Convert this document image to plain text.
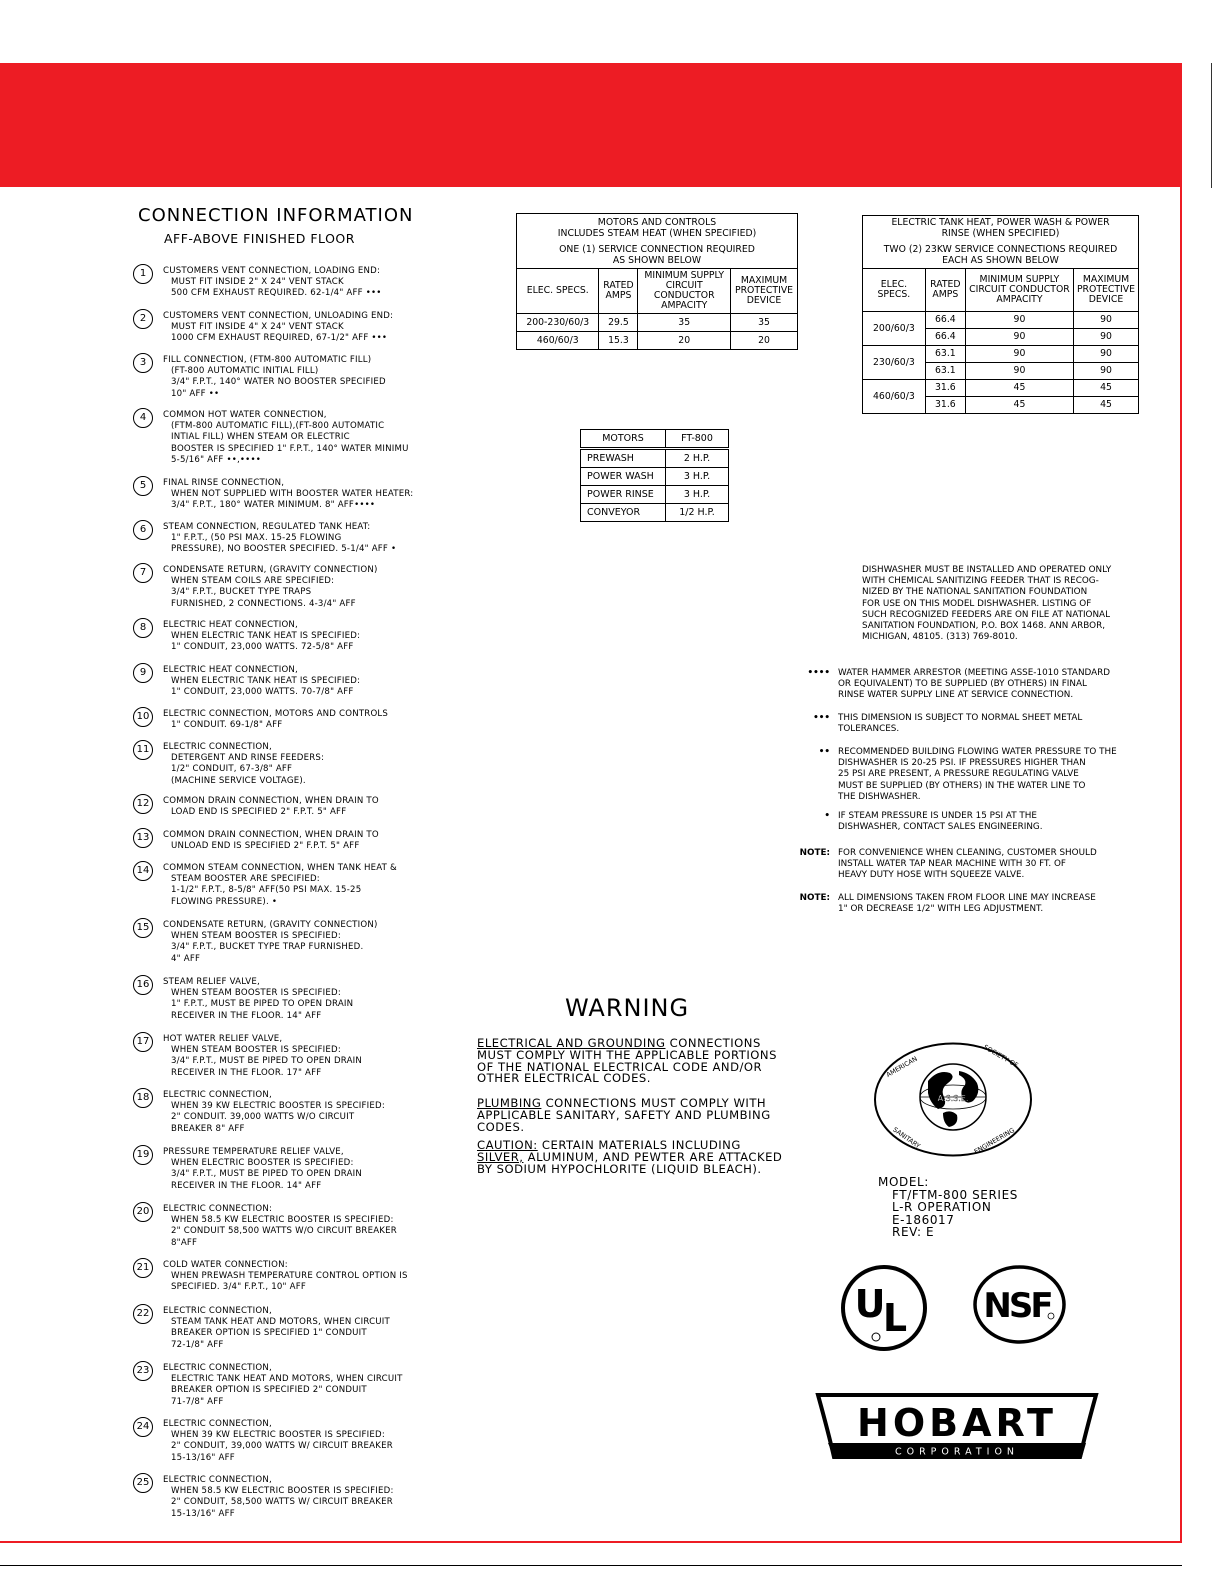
CONNECTION INFORMATION
AFF-ABOVE FINISHED FLOOR
1	CUSTOMERS VENT CONNECTION, LOADING END:
MUST FIT INSIDE 2" X 24" VENT STACK
500 CFM EXHAUST REQUIRED. 62-1/4" AFF •••
2	CUSTOMERS VENT CONNECTION, UNLOADING END:
MUST FIT INSIDE 4" X 24" VENT STACK
1000 CFM EXHAUST REQUIRED, 67-1/2" AFF •••
3	FILL CONNECTION, (FTM-800 AUTOMATIC FILL)
(FT-800 AUTOMATIC INITIAL FILL)
3/4" F.P.T., 140° WATER NO BOOSTER SPECIFIED
10" AFF ••
4	COMMON HOT WATER CONNECTION,
(FTM-800 AUTOMATIC FILL),(FT-800 AUTOMATIC
INTIAL FILL) WHEN STEAM OR ELECTRIC
BOOSTER IS SPECIFIED 1" F.P.T., 140° WATER MINIMU
5-5/16" AFF ••,••••
5	FINAL RINSE CONNECTION,
WHEN NOT SUPPLIED WITH BOOSTER WATER HEATER:
3/4" F.P.T., 180° WATER MINIMUM. 8" AFF••••
6	STEAM CONNECTION, REGULATED TANK HEAT:
1" F.P.T., (50 PSI MAX. 15-25 FLOWING
PRESSURE), NO BOOSTER SPECIFIED. 5-1/4" AFF •
7	CONDENSATE RETURN, (GRAVITY CONNECTION)
WHEN STEAM COILS ARE SPECIFIED:
3/4" F.P.T., BUCKET TYPE TRAPS
FURNISHED, 2 CONNECTIONS. 4-3/4" AFF
8	ELECTRIC HEAT CONNECTION,
WHEN ELECTRIC TANK HEAT IS SPECIFIED:
1" CONDUIT, 23,000 WATTS. 72-5/8" AFF
9	ELECTRIC HEAT CONNECTION,
WHEN ELECTRIC TANK HEAT IS SPECIFIED:
1" CONDUIT, 23,000 WATTS. 70-7/8" AFF
10	ELECTRIC CONNECTION, MOTORS AND CONTROLS
1" CONDUIT. 69-1/8" AFF
11	ELECTRIC CONNECTION,
DETERGENT AND RINSE FEEDERS:
1/2" CONDUIT, 67-3/8" AFF
(MACHINE SERVICE VOLTAGE).
12	COMMON DRAIN CONNECTION, WHEN DRAIN TO
LOAD END IS SPECIFIED 2" F.P.T. 5" AFF
13	COMMON DRAIN CONNECTION, WHEN DRAIN TO
UNLOAD END IS SPECIFIED 2" F.P.T. 5" AFF
14	COMMON STEAM CONNECTION, WHEN TANK HEAT &
STEAM BOOSTER ARE SPECIFIED:
1-1/2" F.P.T., 8-5/8" AFF(50 PSI MAX. 15-25
FLOWING PRESSURE). •
15	CONDENSATE RETURN, (GRAVITY CONNECTION)
WHEN STEAM BOOSTER IS SPECIFIED:
3/4" F.P.T., BUCKET TYPE TRAP FURNISHED.
4" AFF
16	STEAM RELIEF VALVE,
WHEN STEAM BOOSTER IS SPECIFIED:
1" F.P.T., MUST BE PIPED TO OPEN DRAIN
RECEIVER IN THE FLOOR. 14" AFF
17	HOT WATER RELIEF VALVE,
WHEN STEAM BOOSTER IS SPECIFIED:
3/4" F.P.T., MUST BE PIPED TO OPEN DRAIN
RECEIVER IN THE FLOOR. 17" AFF
18	ELECTRIC CONNECTION,
WHEN 39 KW ELECTRIC BOOSTER IS SPECIFIED:
2" CONDUIT. 39,000 WATTS W/O CIRCUIT
BREAKER 8" AFF
19	PRESSURE TEMPERATURE RELIEF VALVE,
WHEN ELECTRIC BOOSTER IS SPECIFIED:
3/4" F.P.T., MUST BE PIPED TO OPEN DRAIN
RECEIVER IN THE FLOOR. 14" AFF
20	ELECTRIC CONNECTION:
WHEN 58.5 KW ELECTRIC BOOSTER IS SPECIFIED:
2" CONDUIT 58,500 WATTS W/O CIRCUIT BREAKER
8"AFF
21	COLD WATER CONNECTION:
WHEN PREWASH TEMPERATURE CONTROL OPTION IS
SPECIFIED. 3/4" F.P.T., 10" AFF
22	ELECTRIC CONNECTION,
STEAM TANK HEAT AND MOTORS, WHEN CIRCUIT
BREAKER OPTION IS SPECIFIED 1" CONDUIT
72-1/8" AFF
23	ELECTRIC CONNECTION,
ELECTRIC TANK HEAT AND MOTORS, WHEN CIRCUIT
BREAKER OPTION IS SPECIFIED 2" CONDUIT
71-7/8" AFF
24	ELECTRIC CONNECTION,
WHEN 39 KW ELECTRIC BOOSTER IS SPECIFIED:
2" CONDUIT, 39,000 WATTS W/ CIRCUIT BREAKER
15-13/16" AFF
25	ELECTRIC CONNECTION,
WHEN 58.5 KW ELECTRIC BOOSTER IS SPECIFIED:
2" CONDUIT, 58,500 WATTS W/ CIRCUIT BREAKER
15-13/16" AFF
MOTORS AND CONTROLS
INCLUDES STEAM HEAT (WHEN SPECIFIED)
ONE (1) SERVICE CONNECTION REQUIRED
AS SHOWN BELOW			

ELEC. SPECS.	RATED AMPS	MINIMUM SUPPLY CIRCUIT CONDUCTOR AMPACITY	MAXIMUM PROTECTIVE DEVICE
200-230/60/3	29.5	35	35
460/60/3	15.3	20	20
ELECTRIC TANK HEAT, POWER WASH & POWER
RINSE (WHEN SPECIFIED)
TWO (2) 23KW SERVICE CONNECTIONS REQUIRED
EACH AS SHOWN BELOW			

ELEC. SPECS.	RATED AMPS	MINIMUM SUPPLY CIRCUIT CONDUCTOR AMPACITY	MAXIMUM PROTECTIVE DEVICE
200/60/3	66.4	90	90
	66.4	90	90
230/60/3	63.1	90	90
	63.1	90	90
460/60/3	31.6	45	45
	31.6	45	45
MOTORS	FT-800
PREWASH	2 H.P.
POWER WASH	3 H.P.
POWER RINSE	3 H.P.
CONVEYOR	1/2 H.P.
DISHWASHER MUST BE INSTALLED AND OPERATED ONLY
WITH CHEMICAL SANITIZING FEEDER THAT IS RECOG-
NIZED BY THE NATIONAL SANITATION FOUNDATION
FOR USE ON THIS MODEL DISHWASHER. LISTING OF
SUCH RECOGNIZED FEEDERS ARE ON FILE AT NATIONAL
SANITATION FOUNDATION, P.O. BOX 1468. ANN ARBOR,
MICHIGAN, 48105. (313) 769-8010.
•••• WATER HAMMER ARRESTOR (MEETING ASSE-1010 STANDARD
OR EQUIVALENT) TO BE SUPPLIED (BY OTHERS) IN FINAL
RINSE WATER SUPPLY LINE AT SERVICE CONNECTION.
••• THIS DIMENSION IS SUBJECT TO NORMAL SHEET METAL
TOLERANCES.
•• RECOMMENDED BUILDING FLOWING WATER PRESSURE TO THE
DISHWASHER IS 20-25 PSI. IF PRESSURES HIGHER THAN
25 PSI ARE PRESENT, A PRESSURE REGULATING VALVE
MUST BE SUPPLIED (BY OTHERS) IN THE WATER LINE TO
THE DISHWASHER.
• IF STEAM PRESSURE IS UNDER 15 PSI AT THE
DISHWASHER, CONTACT SALES ENGINEERING.
NOTE: FOR CONVENIENCE WHEN CLEANING, CUSTOMER SHOULD
INSTALL WATER TAP NEAR MACHINE WITH 30 FT. OF
HEAVY DUTY HOSE WITH SQUEEZE VALVE.
NOTE: ALL DIMENSIONS TAKEN FROM FLOOR LINE MAY INCREASE
1" OR DECREASE 1/2" WITH LEG ADJUSTMENT.
WARNING
ELECTRICAL AND GROUNDING CONNECTIONS
MUST COMPLY WITH THE APPLICABLE PORTIONS
OF THE NATIONAL ELECTRICAL CODE AND/OR
OTHER ELECTRICAL CODES.
PLUMBING CONNECTIONS MUST COMPLY WITH
APPLICABLE SANITARY, SAFETY AND PLUMBING
CODES.
CAUTION: CERTAIN MATERIALS INCLUDING
SILVER, ALUMINUM, AND PEWTER ARE ATTACKED
BY SODIUM HYPOCHLORITE (LIQUID BLEACH).
A.S.S.E.
AMERICAN	SOCIETY OF
SANITARY	ENGINEERING
MODEL:
FT/FTM-800 SERIES
L-R OPERATION
E-186017
REV: E
U
L NSF
HOBART
CORPORATION
